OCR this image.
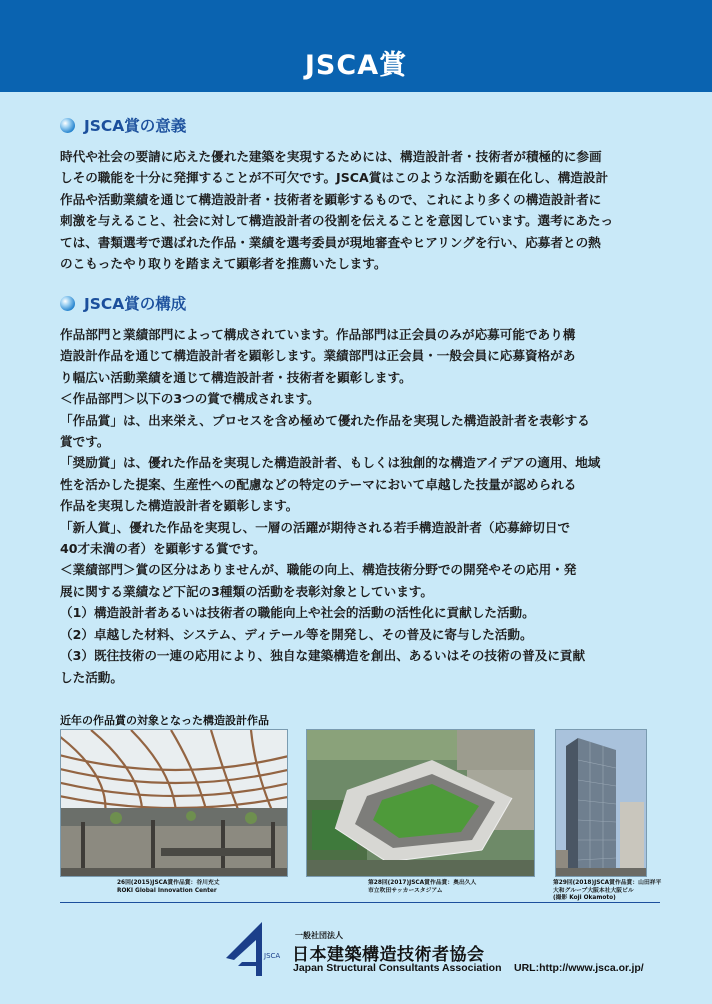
JSCA賞
JSCA賞の意義

時代や社会の要請に応えた優れた建築を実現するためには、構造設計者・技術者が積極的に参画

しその職能を十分に発揮することが不可欠です。JSCA賞はこのような活動を顕在化し、構造設計

作品や活動業績を通じて構造設計者・技術者を顕彰するもので、これにより多くの構造設計者に

刺激を与えること、社会に対して構造設計者の役割を伝えることを意図しています。選考にあたっ

ては、書類選考で選ばれた作品・業績を選考委員が現地審査やヒアリングを行い、応募者との熱

のこもったやり取りを踏まえて顕彰者を推薦いたします。

JSCA賞の構成

作品部門と業績部門によって構成されています。作品部門は正会員のみが応募可能であり構

造設計作品を通じて構造設計者を顕彰します。業績部門は正会員・一般会員に応募資格があ

り幅広い活動業績を通じて構造設計者・技術者を顕彰します。

＜作品部門＞以下の3つの賞で構成されます。

「作品賞」は、出来栄え、プロセスを含め極めて優れた作品を実現した構造設計者を表彰する

賞です。

「奨励賞」は、優れた作品を実現した構造設計者、もしくは独創的な構造アイデアの適用、地域

性を活かした提案、生産性への配慮などの特定のテーマにおいて卓越した技量が認められる

作品を実現した構造設計者を顕彰します。

「新人賞」、優れた作品を実現し、一層の活躍が期待される若手構造設計者（応募締切日で

40才未満の者）を顕彰する賞です。

＜業績部門＞賞の区分はありませんが、職能の向上、構造技術分野での開発やその応用・発

展に関する業績など下記の3種類の活動を表彰対象としています。

（1）構造設計者あるいは技術者の職能向上や社会的活動の活性化に貢献した活動。

（2）卓越した材料、システム、ディテール等を開発し、その普及に寄与した活動。

（3）既往技術の一連の応用により、独自な建築構造を創出、あるいはその技術の普及に貢献

した活動。

近年の作品賞の対象となった構造設計作品
26回(2015)JSCA賞作品賞：谷川充丈
ROKI Global Innovation Center
第28回(2017)JSCA賞作品賞：奥出久人
市立吹田サッカースタジアム
第29回(2018)JSCA賞作品賞：山田祥平
大和グループ大阪本社大阪ビル
(撮影 Koji Okamoto)
JSCA
一般社団法人
日本建築構造技術者協会
Japan Structural Consultants Association URL:http://www.jsca.or.jp/
